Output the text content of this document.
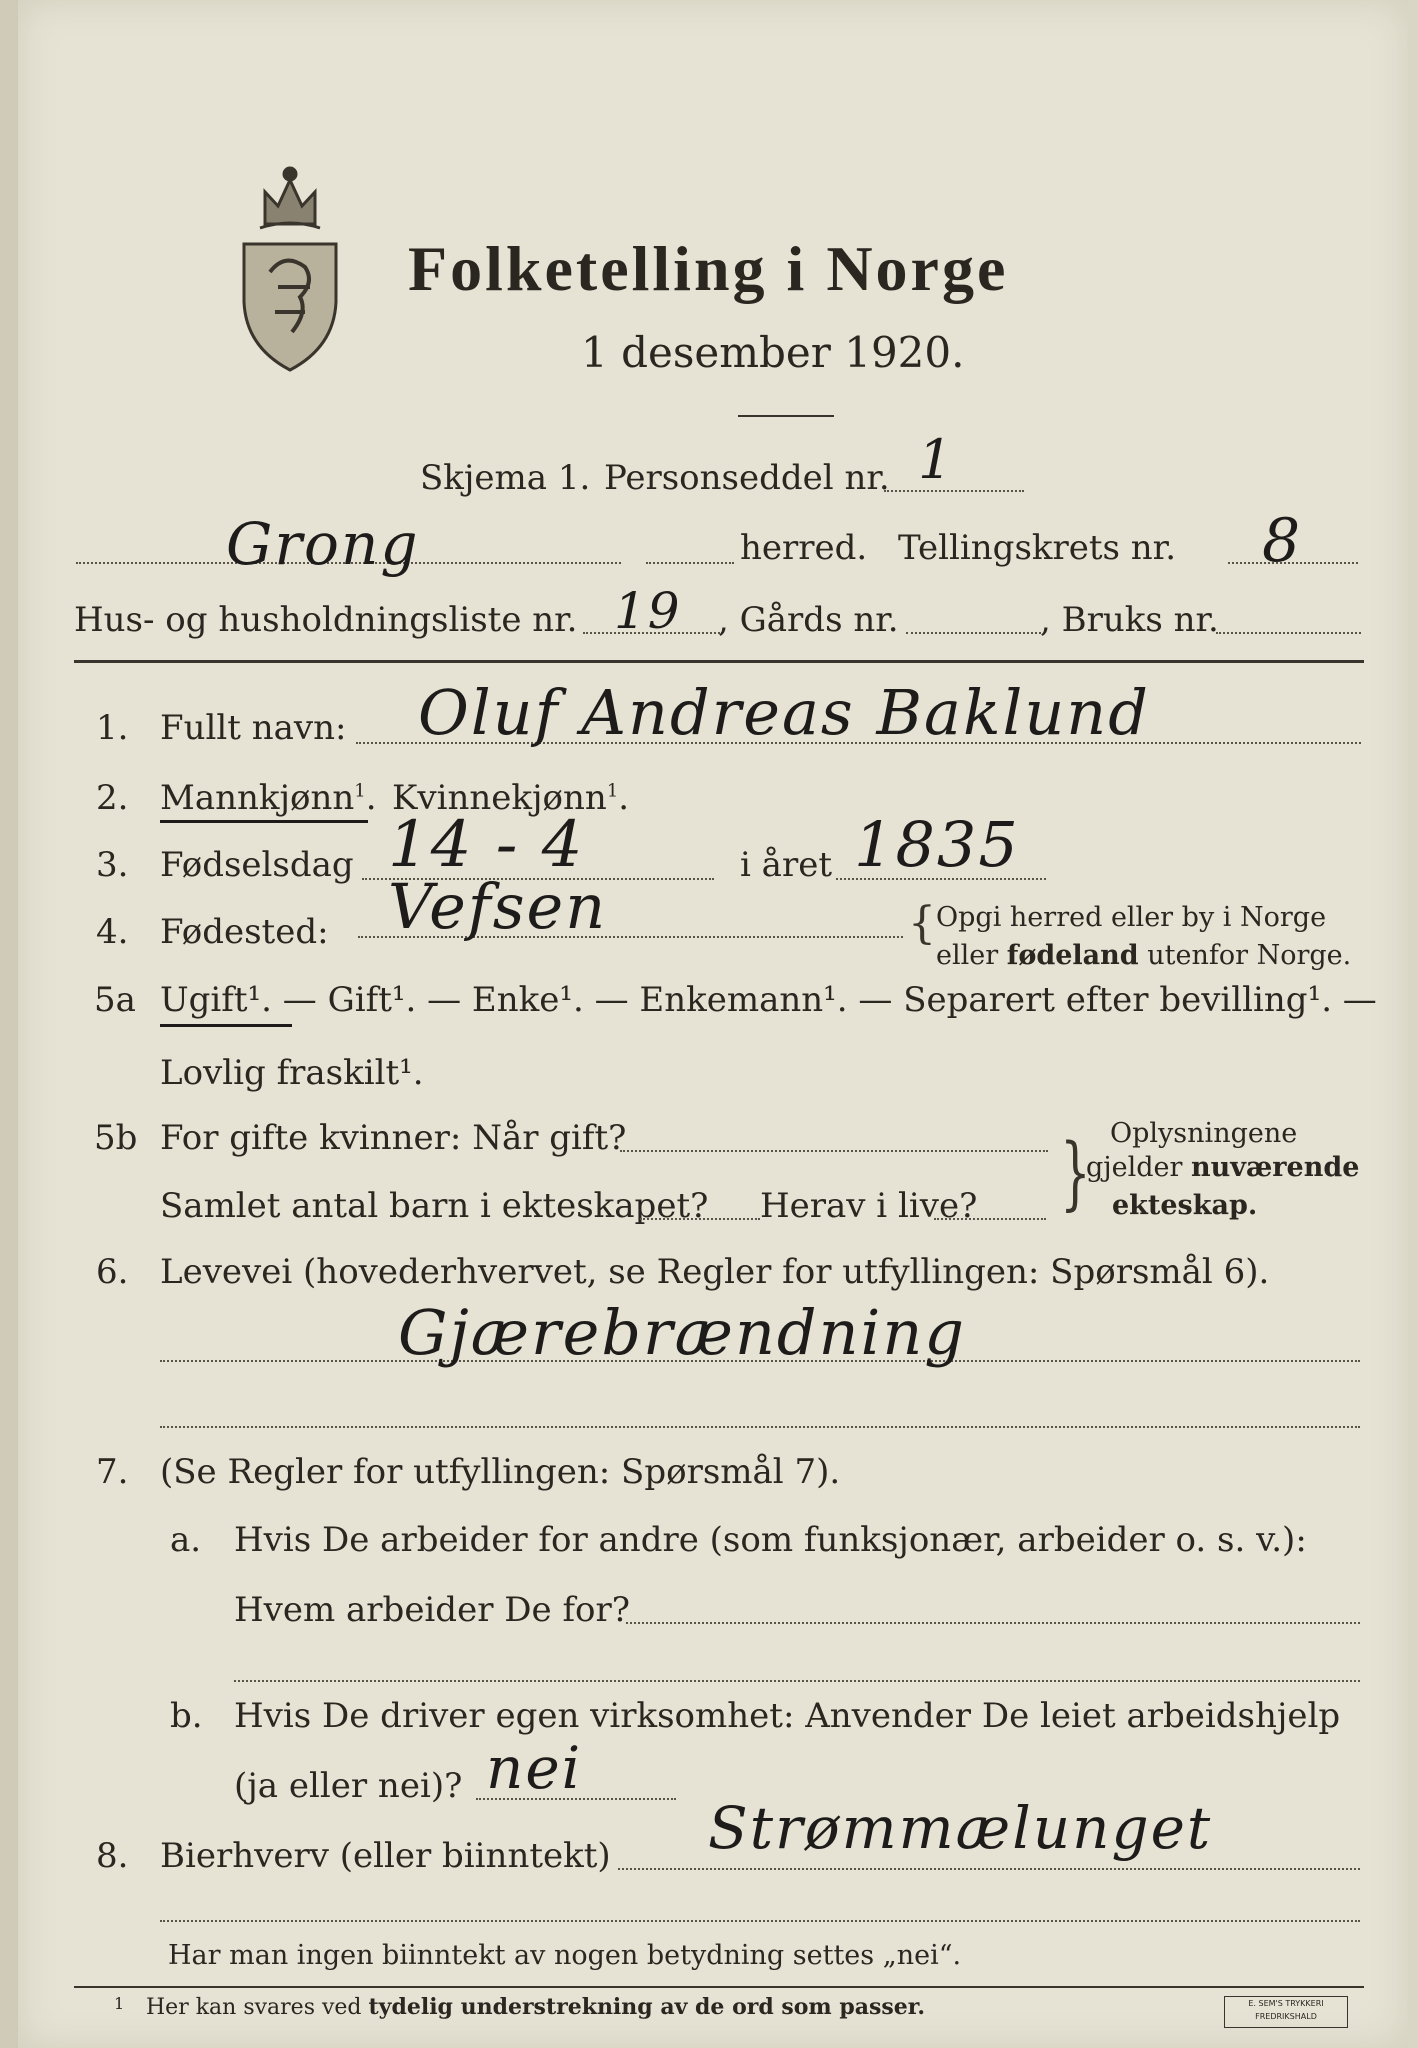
Folketelling i Norge
1 desember 1920.
Skjema 1. Personseddel nr. 1
Grong	herred. Tellingskrets nr. 8
Hus- og husholdningsliste nr. 19 , Gårds nr.	, Bruks nr.
1. Fullt navn: Oluf Andreas Baklund
2. Mannkjønn$^1$. Kvinnekjønn$^1$.
3. Fødselsdag 14 - 4	i året 1835
4. Fødested: Vefsen	{ Opgi herred eller by i Norge
eller fødeland utenfor Norge.
5a Ugift¹. — Gift¹. — Enke¹. — Enkemann¹. — Separert efter bevilling¹. —
Lovlig fraskilt¹.
5b For gifte kvinner: Når gift?
Samlet antal barn i ekteskapet? Herav i live? } Oplysningene
gjelder nuværende
ekteskap.
6. Levevei (hovederhvervet, se Regler for utfyllingen: Spørsmål 6).
Gjærebrændning
7. (Se Regler for utfyllingen: Spørsmål 7).
a. Hvis De arbeider for andre (som funksjonær, arbeider o. s. v.):
Hvem arbeider De for?
b. Hvis De driver egen virksomhet: Anvender De leiet arbeidshjelp
(ja eller nei)? nei
8. Bierhverv (eller biinntekt) Strømmælunget
Har man ingen biinntekt av nogen betydning settes „nei“.
1 Her kan svares ved tydelig understrekning av de ord som passer.	E. SEM'S TRYKKERI
FREDRIKSHALD
